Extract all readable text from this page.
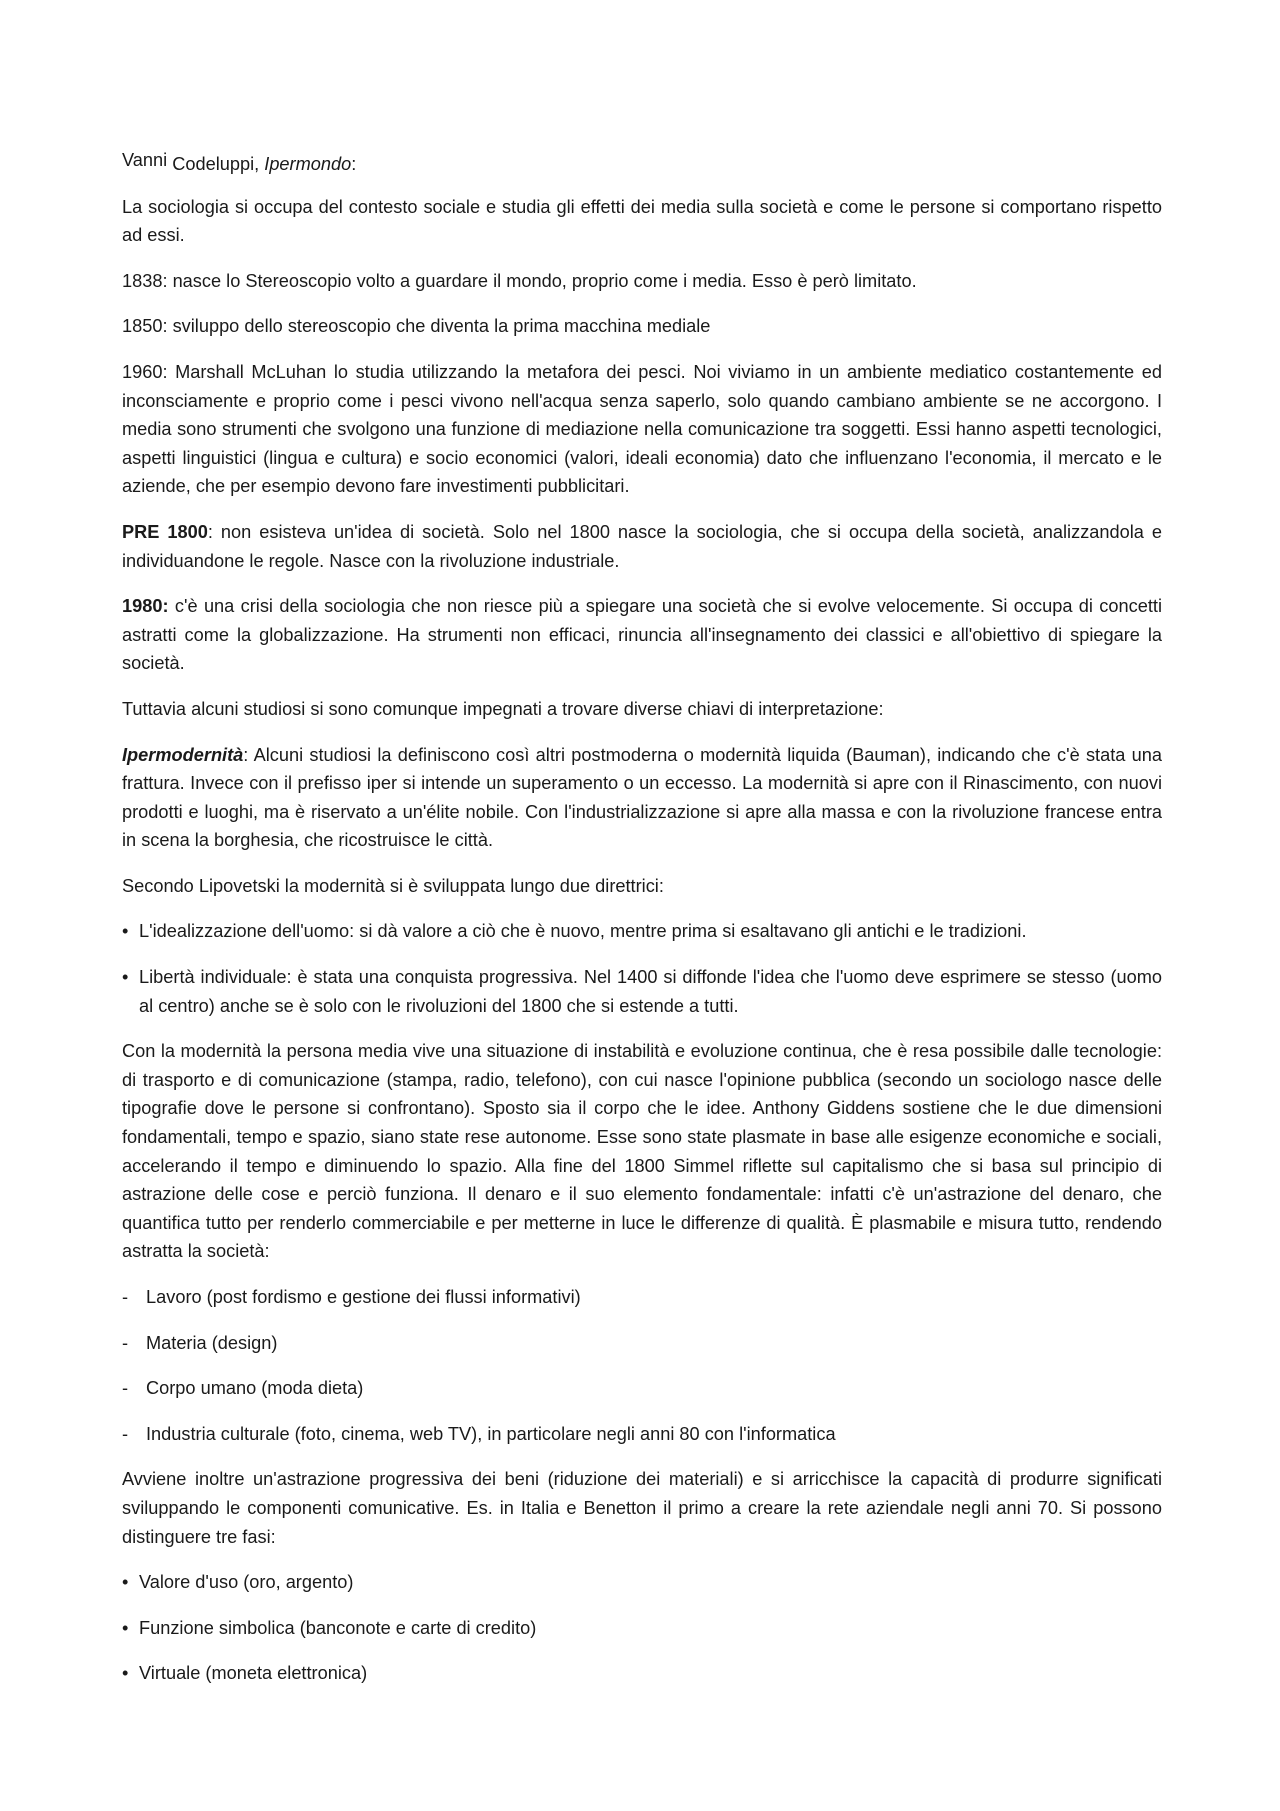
Vanni Codeluppi, Ipermondo:

La sociologia si occupa del contesto sociale e studia gli effetti dei media sulla società e come le persone si comportano rispetto ad essi.

1838: nasce lo Stereoscopio volto a guardare il mondo, proprio come i media. Esso è però limitato.

1850: sviluppo dello stereoscopio che diventa la prima macchina mediale

1960: Marshall McLuhan lo studia utilizzando la metafora dei pesci. Noi viviamo in un ambiente mediatico costantemente ed inconsciamente e proprio come i pesci vivono nell'acqua senza saperlo, solo quando cambiano ambiente se ne accorgono. I media sono strumenti che svolgono una funzione di mediazione nella comunicazione tra soggetti. Essi hanno aspetti tecnologici, aspetti linguistici (lingua e cultura) e socio economici (valori, ideali economia) dato che influenzano l'economia, il mercato e le aziende, che per esempio devono fare investimenti pubblicitari.

PRE 1800: non esisteva un'idea di società. Solo nel 1800 nasce la sociologia, che si occupa della società, analizzandola e individuandone le regole. Nasce con la rivoluzione industriale.

1980: c'è una crisi della sociologia che non riesce più a spiegare una società che si evolve velocemente. Si occupa di concetti astratti come la globalizzazione. Ha strumenti non efficaci, rinuncia all'insegnamento dei classici e all'obiettivo di spiegare la società.

Tuttavia alcuni studiosi si sono comunque impegnati a trovare diverse chiavi di interpretazione:

Ipermodernità: Alcuni studiosi la definiscono così altri postmoderna o modernità liquida (Bauman), indicando che c'è stata una frattura. Invece con il prefisso iper si intende un superamento o un eccesso. La modernità si apre con il Rinascimento, con nuovi prodotti e luoghi, ma è riservato a un'élite nobile. Con l'industrializzazione si apre alla massa e con la rivoluzione francese entra in scena la borghesia, che ricostruisce le città.

Secondo Lipovetski la modernità si è sviluppata lungo due direttrici:

• L'idealizzazione dell'uomo: si dà valore a ciò che è nuovo, mentre prima si esaltavano gli antichi e le tradizioni.
• Libertà individuale: è stata una conquista progressiva. Nel 1400 si diffonde l'idea che l'uomo deve esprimere se stesso (uomo al centro) anche se è solo con le rivoluzioni del 1800 che si estende a tutti.

Con la modernità la persona media vive una situazione di instabilità e evoluzione continua, che è resa possibile dalle tecnologie: di trasporto e di comunicazione (stampa, radio, telefono), con cui nasce l'opinione pubblica (secondo un sociologo nasce delle tipografie dove le persone si confrontano). Sposto sia il corpo che le idee. Anthony Giddens sostiene che le due dimensioni fondamentali, tempo e spazio, siano state rese autonome. Esse sono state plasmate in base alle esigenze economiche e sociali, accelerando il tempo e diminuendo lo spazio. Alla fine del 1800 Simmel riflette sul capitalismo che si basa sul principio di astrazione delle cose e perciò funziona. Il denaro e il suo elemento fondamentale: infatti c'è un'astrazione del denaro, che quantifica tutto per renderlo commerciabile e per metterne in luce le differenze di qualità. È plasmabile e misura tutto, rendendo astratta la società:

- Lavoro (post fordismo e gestione dei flussi informativi)
- Materia (design)
- Corpo umano (moda dieta)
- Industria culturale (foto, cinema, web TV), in particolare negli anni 80 con l'informatica

Avviene inoltre un'astrazione progressiva dei beni (riduzione dei materiali) e si arricchisce la capacità di produrre significati sviluppando le componenti comunicative. Es. in Italia e Benetton il primo a creare la rete aziendale negli anni 70. Si possono distinguere tre fasi:

• Valore d'uso (oro, argento)
• Funzione simbolica (banconote e carte di credito)
• Virtuale (moneta elettronica)
